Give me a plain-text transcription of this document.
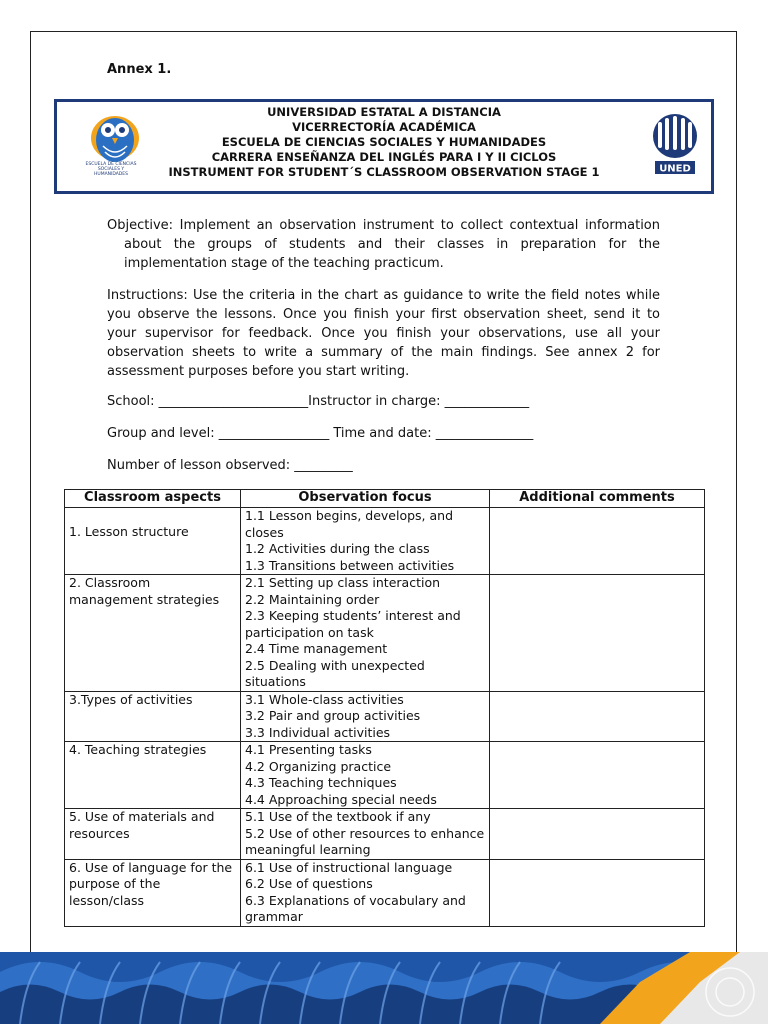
Annex 1.
ESCUELA DE CIENCIAS SOCIALES Y HUMANIDADES
UNIVERSIDAD ESTATAL A DISTANCIA
VICERRECTORÍA ACADÉMICA
ESCUELA DE CIENCIAS SOCIALES Y HUMANIDADES
CARRERA ENSEÑANZA DEL INGLÉS PARA I Y II CICLOS
INSTRUMENT FOR STUDENT´S CLASSROOM OBSERVATION STAGE 1	UNED
Objective: Implement an observation instrument to collect contextual information about the groups of students and their classes in preparation for the implementation stage of the teaching practicum.
Instructions: Use the criteria in the chart as guidance to write the field notes while you observe the lessons. Once you finish your first observation sheet, send it to your supervisor for feedback. Once you finish your observations, use all your observation sheets to write a summary of the main findings. See annex 2 for assessment purposes before you start writing.
School: _______________________Instructor in charge: _____________
Group and level: _________________ Time and date: _______________
Number of lesson observed: _________
Classroom aspects	Observation focus	Additional comments

1. Lesson structure	1.1 Lesson begins, develops, and closes
1.2 Activities during the class
1.3 Transitions between activities	

2. Classroom management strategies	2.1 Setting up class interaction
2.2 Maintaining order
2.3 Keeping students’ interest and participation on task
2.4 Time management
2.5 Dealing with unexpected situations	

3.Types of activities	3.1 Whole-class activities
3.2 Pair and group activities
3.3 Individual activities	

4. Teaching strategies	4.1 Presenting tasks
4.2 Organizing practice
4.3 Teaching techniques
4.4 Approaching special needs	

5. Use of materials and resources	5.1 Use of the textbook if any
5.2 Use of other resources to enhance meaningful learning	

6. Use of language for the purpose of the lesson/class	6.1 Use of instructional language
6.2 Use of questions
6.3 Explanations of vocabulary and grammar	
